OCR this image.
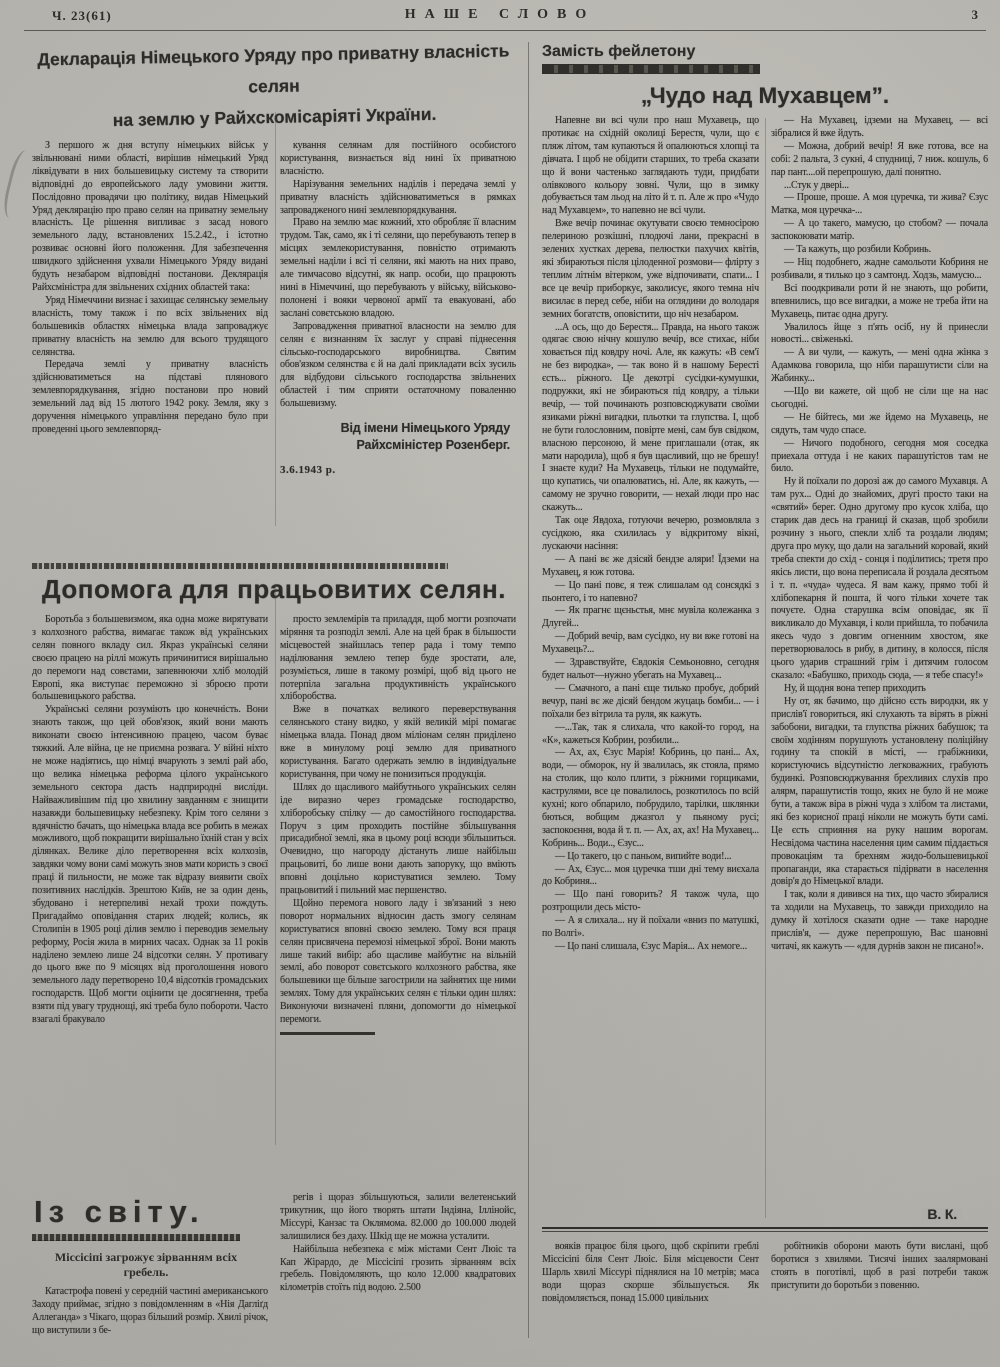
Ч. 23(61)	НАШЕ СЛОВО	3
Декларація Німецького Уряду про приватну власність селян
на землю у Райхскомісаріяті України.

З першого ж дня вступу німецьких військ у звільнювані ними області, вирішив німецький Уряд ліквідувати в них большевицьку систему та створити відповідні до европейського ладу умовини життя. Послідовно провадячи цю політику, видав Німецький Уряд деклярацію про право селян на приватну земельну власність. Це рішення випливає з засад нового земельного ладу, встановлених 15.2.42., і істотно розвиває основні його положення. Для забезпечення швидкого здійснення ухвали Німецького Уряду видані будуть незабаром відповідні постанови. Деклярація Райхсміністра для звільнених східних областей така:

Уряд Німеччини визнає і захищає селянську земельну власність, тому також і по всіх звільнених від большевиків областях німецька влада запроваджує приватну власність на землю для всього трудящого селянства.

Передача землі у приватну власність здійснюватиметься на підставі плянового землевпорядкування, згідно постанови про новий земельний лад від 15 лютого 1942 року. Земля, яку з доручення німецького управління передано було при проведенні цього землевпоряд-

кування селянам для постійного особистого користування, визнається від нині їх приватною власністю.

Нарізування земельних наділів і передача землі у приватну власність здійснюватиметься в рямках запровадженого нині землевпорядкування.

Право на землю має кожний, хто обробляє її власним трудом. Так, само, як і ті селяни, що перебувають тепер в місцях землекористування, повністю отримають земельні наділи і всі ті селяни, які мають на них право, але тимчасово відсутні, як напр. особи, що працюють нині в Німеччині, що перебувають у війську, військово-полонені і вояки червоної армії та евакуовані, або заслані совєтською владою.

Запровадження приватної власности на землю для селян є визнанням їх заслуг у справі піднесення сільсько-господарського виробництва. Святим обов'язком селянства є й на далі прикладати всіх зусиль для відбудови сільського господарства звільнених областей і тим сприяти остаточному поваленню большевизму.

Від імени Німецького Уряду
Райхсміністер Розенберг.
3.6.1943 р.
Допомога для працьовитих селян.

Боротьба з большевизмом, яка одна може вирятувати з колхозного рабства, вимагає також від українських селян повного вкладу сил. Якраз українські селяни своєю працею на ріллі можуть причинитися вирішально до перемоги над совєтами, запевнюючи хліб молодій Европі, яка виступає переможно зі зброєю проти большевицького рабства.

Українські селяни розуміють цю конечність. Вони знають також, що цей обов'язок, який вони мають виконати своєю інтенсивною працею, часом буває тяжкий. Але війна, це не приємна розвага. У війні ніхто не може надіятись, що німці вчарують з землі рай або, що велика німецька реформа цілого українського земельного сектора дасть надприродні висліди. Найважливішим під цю хвилину завданням є знищити назавжди большевицьку небезпеку. Крім того селяни з вдячністю бачать, що німецька влада все робить в межах можливого, щоб покращити вирішально їхній стан у всіх ділянках. Велике діло перетворення всіх колхозів, завдяки чому вони самі можуть знов мати користь з своєї праці й пильности, не може так відразу виявити своїх позитивних наслідків. Зрештою Київ, не за один день, збудовано і нетерпеливі нехай трохи пождуть. Пригадаймо оповідання старих людей; колись, як Столипін в 1905 році ділив землю і переводив земельну реформу, Росія жила в мирних часах. Однак за 11 років наділено землею лише 24 відсотки селян. У противагу до цього вже по 9 місяцях від проголошення нового земельного ладу перетворено 10,4 відсотків громадських господарств. Щоб могти оцінити це досягнення, треба взяти під увагу труднощі, які треба було побороти. Часто взагалі бракувало

просто землемірів та приладдя, щоб могти розпочати міряння та розподіл землі. Але на цей брак в більшости місцевостей знайшлась тепер рада і тому темпо наділювання землею тепер буде зростати, але, розуміється, лише в такому розмірі, щоб від цього не потерпіла загальна продуктивність українського хліборобства.

Вже в початках великого переверствування селянського стану видко, у якій великій мірі помагає німецька влада. Понад двом міліонам селян приділено вже в минулому році землю для приватного користування. Багато одержать землю в індивідуальне користування, при чому не понизиться продукція.

Шлях до щасливого майбутнього українських селян іде виразно через громадське господарство, хліборобську спілку — до самостійного господарства. Поруч з цим проходить постійне збільшування присадибної землі, яка в цьому році всюди збільшиться. Очевидно, що нагороду дістануть лише найбільш працьовиті, бо лише вони дають запоруку, що вміють вповні доцільно користуватися землею. Тому працьовитий і пильний має першенство.

Щойно перемога нового ладу і зв'язаний з нею поворот нормальних відносин дасть змогу селянам користуватися вповні своєю землею. Тому вся праця селян присвячена перемозі німецької зброї. Вони мають лише такий вибір: або щасливе майбутнє на вільній землі, або поворот совєтського колхозного рабства, яке большевики ще більше загострили на зайнятих ще ними землях. Тому для українських селян є тільки один шлях: Виконуючи визначені пляни, допомогти до німецької перемоги.

Із світу.
Міссісіпі загрожує зірванням всіх гребель.

Катастрофа повені у середній частині американського Заходу приймає, згідно з повідомленням в «Нія Дагліґд Аллеганда» з Чікаго, щораз більший розмір. Хвилі річок, що виступили з бе-

регів і щораз збільшуються, залили велетенський трикутник, що його творять штати Індіяна, Іллінойс, Міссурі, Канзас та Оклямома. 82.000 до 100.000 людей залишилися без даху. Шкід ще не можна усталити.

Найбільша небезпека є між містами Сент Люіс та Кап Жірардо, де Міссісіпі грозить зірванням всіх гребель. Повідомляють, що коло 12.000 квадратових кілометрів стоїть під водою. 2.500

Замість фейлетону
„Чудо над Мухавцем”.

Напевне ви всі чули про наш Мухавець, що протикає на східній околиці Берестя, чули, що є пляж літом, там купаються й опалюються хлопці та дівчата. І щоб не обідити старших, то треба сказати що й вони частенько заглядають туди, придбати олівкового кольору зовні. Чули, що в зимку добувається там льод на літо й т. п. Але ж про «Чудо над Мухавцем», то напевно не всі чули.

Вже вечір починає окутувати своєю темносірою пелериною розкішні, плодючі лани, прекрасні в зелених хустках дерева, пелюстки пахучих квітів, які збираються після цілоденної розмови— флірту з теплим літнім вітерком, уже відпочивати, спати... І все це вечір приборкує, заколисує, якого темна ніч висилає в перед себе, ніби на оглядини до володаря земних богатств, оповістити, що ніч незабаром.

...А ось, що до Берестя... Правда, на нього також одягає свою нічну кошулю вечір, все стихає, ніби ховається під ковдру ночі. Але, як кажуть: «В сем'ї не без виродка», — так воно й в нашому Бересті єсть... ріжного. Це декотрі сусідки-кумушки, подружки, які не збираються під ковдру, а тільки вечір, — той починають розповсюджувати своїми язиками ріжні вигадки, пльотки та глупства. І, щоб не бути голословним, повірте мені, сам був свідком, власною персоною, й мене приглашали (отак, як мати народила), щоб я був щасливий, що не брешу! І знаєте куди? На Мухавець, тільки не подумайте, що купатись, чи опалюватись, ні. Але, як кажуть, — самому не зручно говорити, — нехай люди про нас скажуть...

Так оце Явдоха, готуючи вечерю, розмовляла з сусідкою, яка схилилась у відкритому вікні, лускаючи насіння:

— А пані вє же дзісяй бендзе аляри! Їдземи на Мухавец, я юж готова.

— Цо пані повє, я теж слишалам од сонсядкі з пьонтего, і то напевно?

— Як прагнє щєньстья, мнє мувіла колежанка з Длугей...

— Добрий вечір, вам сусідко, ну ви вже готові на Мухавець?...

— Здравствуйте, Євдокія Семьоновно, сегодня будет нальот—нужно убегать на Мухавец...

— Смачного, а пані єще тилько пробує, добрий вечур, пані вє же дісяй бендом жуцаць бомби... — і поїхали без вітрила та руля, як кажуть.

—...Так, так я слихала, что какой-то город, на «К», кажеться Кобрин, розбили...

— Ах, ах, Єзус Марія! Кобринь, цо пані... Ах, води, — обморок, ну й звалилась, як стояла, прямо на столик, що коло плити, з ріжними горщиками, каструлями, все це повалилось, розкотилось по всій кухні; кого обпарило, побрудило, тарілки, шклянки бються, вобщим джазгол у пьяному русі; заспокоєння, вода й т. п. — Ах, ах, ах! На Мухавец... Кобринь... Води.., Єзус...

— Цо такего, цо с паньом, випийте води!...

— Ах, Єзус... моя цуречка тши дні тему виєхала до Кобриня...

— Що пані говорить? Я також чула, що розтрощили десь місто-

— А я слихала... ну й поїхали «вниз по матушкі, по Волгі».

— Цо пані слишала, Єзус Марія... Ах немоге...

— На Мухавец, ідземи на Мухавец, — всі зібралися й вже йдуть.

— Можна, добрий вечір! Я вже готова, все на собі: 2 пальта, 3 сукні, 4 спудниці, 7 ниж. кошуль, 6 пар пант....ой перепрошую, далі понятно.

...Стук у двері...

— Проше, проше. А моя цуречка, ти жива? Єзус Матка, моя цуречка-...

— А цо такего, мамусю, цо стобом? — почала заспокоювати матір.

— Та кажуть, що розбили Кобринь.

— Ніц подобнего, жадне самольоти Кобриня не розбивали, я тилько цо з самтонд. Ходзь, мамусю...

Всі поодкривали роти й не знають, що робити, впевнились, що все вигадки, а може не треба йти на Мухавець, питає одна другу.

Увалилось йще з п'ять осіб, ну й принесли новості... свіженькі.

— А ви чули, — кажуть, — мені одна жінка з Адамкова говорила, що ніби парашутисти сіли на Жабинку...

—Що ви кажете, ой щоб не сіли ще на нас сьогодні.

— Не бійтесь, ми же йдемо на Мухавець, не сядуть, там чудо спасе.

— Ничого подобного, сегодня моя соседка приехала оттуда і не каких парашутістов там не било.

Ну й поїхали по дорозі аж до самого Мухавця. А там рух... Одні до знайомих, другі просто таки на «святий» берег. Одно другому про кусок хліба, що старик дав десь на границі й сказав, щоб зробили розчину з нього, спекли хліб та роздали людям; друга про муку, що дали на загальний коровай, який треба спекти до схід - сонця і поділитись; третя про якісь листи, що вона переписала й роздала десятьом і т. п. «чуда» чудеса. Я вам кажу, прямо тобі й хлібопекарня й пошта, й чого тільки хочете так почуєте. Одна старушка всім оповідає, як її викликало до Мухавця, і коли прийшла, то побачила якесь чудо з довгим огненним хвостом, яке перетворювалось в рибу, в дитину, в колосся, після цього ударив страшний грім і дитячим голосом сказало: «Бабушко, приходь сюда, — я тебе спасу!»

Ну, й щодня вона тепер приходить

Ну от, як бачимо, що дійсно єсть виродки, як у прислів'ї говориться, які слухають та вірять в ріжні забобони, вигадки, та глупства ріжних бабушок; та своїм ходінням порушують установлену поліційну годину та спокій в місті, — грабіжники, користуючись відсутністю легковажних, грабують будинкі. Розповсюджування брехливих слухів про алярм, парашутистів тощо, яких не було й не може бути, а також віра в ріжні чуда з хлібом та листами, які без корисної праці ніколи не можуть бути самі. Це єсть сприяння на руку нашим ворогам. Несвідома частина населення цим самим піддається провокаціям та брехням жидо-большевицької пропаганди, яка старається підірвати в населення довір'я до Німецької влади.

І так, коли я дивився на тих, що часто збиралися та ходили на Мухавець, то завжди приходило на думку й хотілося сказати одне — таке народне прислів'я, — дуже перепрошую, Вас шановні читачі, як кажуть — «для дурнів закон не писано!».

В. К.

вояків працює біля цього, щоб скріпити греблі Міссісіпі біля Сент Люіс. Біля місцевости Сент Шарль хвилі Міссурі піднялися на 10 метрів; маса води щораз скорше збільшується. Як повідомляється, понад 15.000 цивільних

робітників оборони мають бути вислані, щоб боротися з хвилями. Тисячі інших заалярмовані стоять в поготівлі, щоб в разі потреби також приступити до боротьби з повенню.
